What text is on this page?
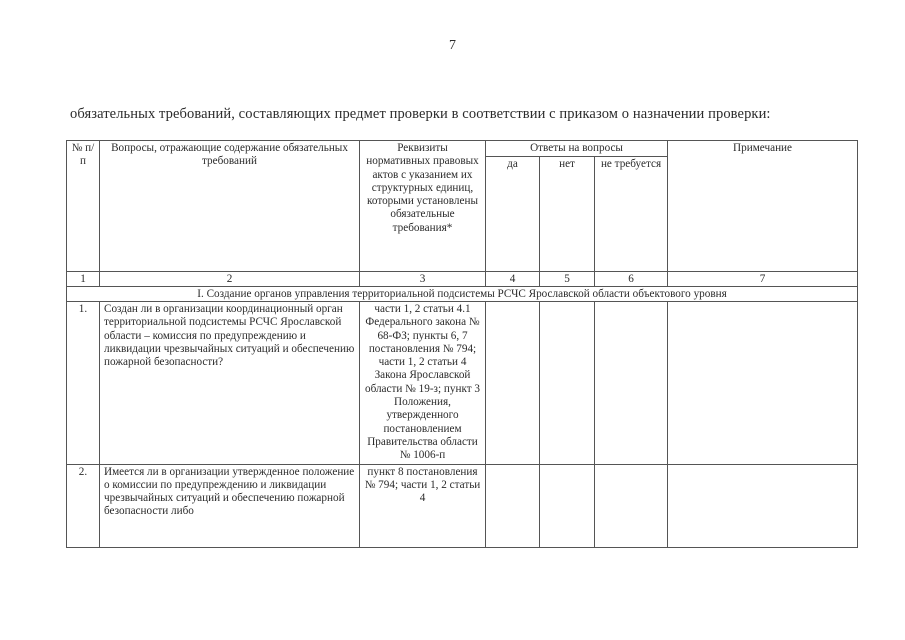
7
обязательных требований, составляющих предмет проверки в соответствии с приказом о назначении проверки:
№ п/п	Вопросы, отражающие содержание обязательных требований	Реквизиты нормативных правовых актов с указанием их структурных единиц, которыми установлены обязательные требования*	Ответы на вопросы			Примечание
			да	нет	не требуется	
1	2	3	4	5	6	7
I. Создание органов управления территориальной подсистемы РСЧС Ярославской области объектового уровня						
1.	Создан ли в организации координационный орган территориальной подсистемы РСЧС Ярославской области – комиссия по предупреждению и ликвидации чрезвычайных ситуаций и обеспечению пожарной безопасности?	части 1, 2 статьи 4.1 Федерального закона № 68-ФЗ; пункты 6, 7 постановления № 794; части 1, 2 статьи 4 Закона Ярославской области № 19-з; пункт 3 Положения, утвержденного постановлением Правительства области № 1006-п				
2.	Имеется ли в организации утвержденное положение о комиссии по предупреждению и ликвидации чрезвычайных ситуаций и обеспечению пожарной безопасности либо	пункт 8 постановления № 794; части 1, 2 статьи 4				
